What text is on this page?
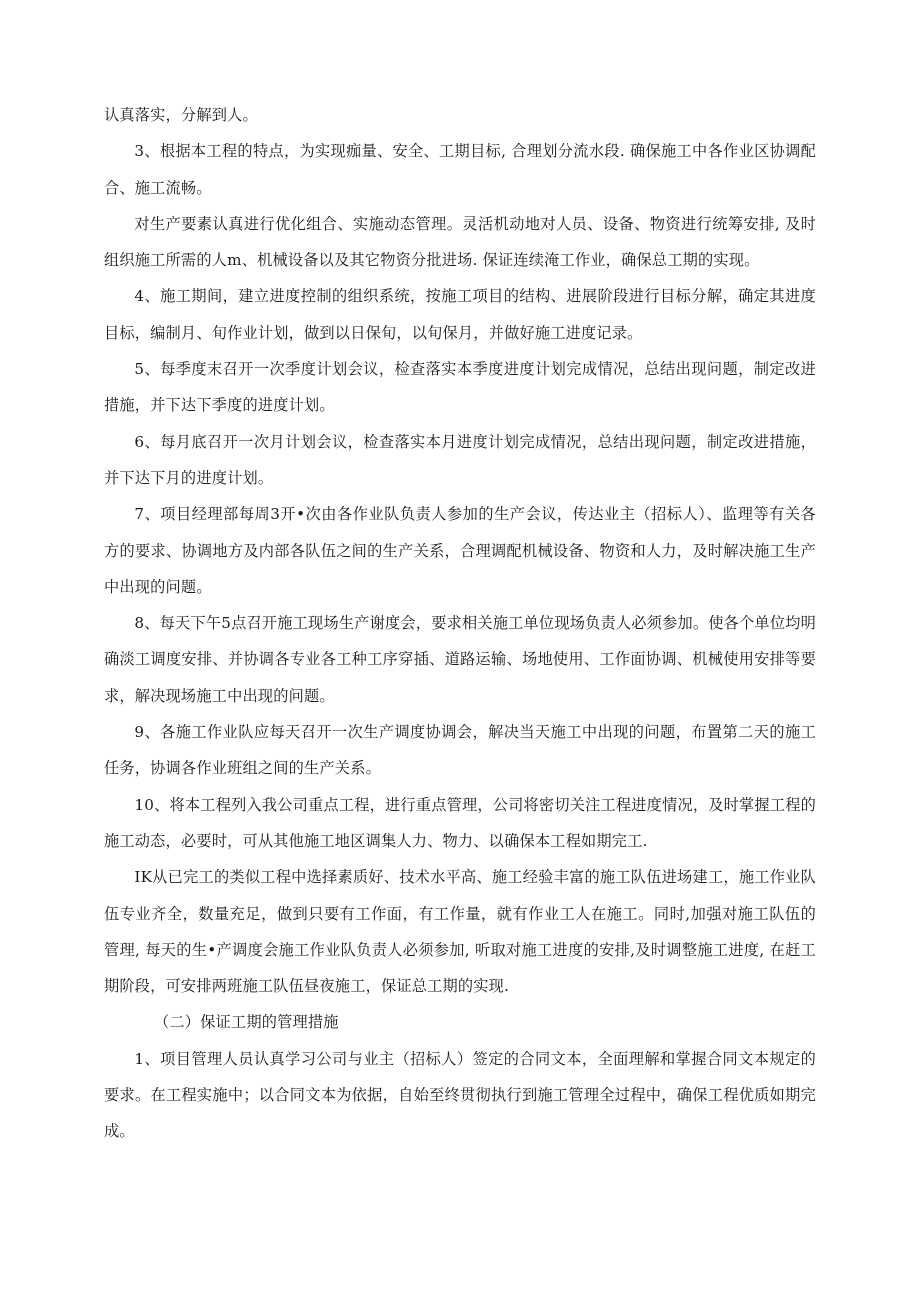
认真落实，分解到人。

3、根据本工程的特点，为实现痂量、安全、工期目标, 合理划分流水段. 确保施工中各作业区协调配合、施工流畅。

对生产要素认真进行优化组合、实施动态管理。灵活机动地对人员、设备、物资进行统筹安排, 及时组织施工所需的人m、机械设备以及其它物资分批进场. 保证连续淹工作业，确保总工期的实现。

4、施工期间，建立进度控制的组织系统，按施工项目的结构、进展阶段进行目标分解，确定其进度目标，编制月、旬作业计划，做到以日保旬，以旬保月，并做好施工进度记录。

5、每季度末召开一次季度计划会议，检查落实本季度进度计划完成情况，总结出现问题，制定改进措施，并下达下季度的进度计划。

6、每月底召开一次月计划会议，检查落实本月进度计划完成情况，总结出现问题，制定改进措施，并下达下月的进度计划。

7、项目经理部每周3开•次由各作业队负责人参加的生产会议，传达业主（招标人）、监理等有关各方的要求、协调地方及内部各队伍之间的生产关系，合理调配机械设备、物资和人力，及时解决施工生产中出现的问题。

8、每天下午5点召开施工现场生产谢度会，要求相关施工单位现场负责人必须参加。使各个单位均明确淡工调度安排、并协调各专业各工种工序穿插、道路运输、场地使用、工作面协调、机械使用安排等要求，解决现场施工中出现的问题。

9、各施工作业队应每天召开一次生产调度协调会，解决当天施工中出现的问题，布置第二天的施工任务，协调各作业班组之间的生产关系。

10、将本工程列入我公司重点工程，进行重点管理，公司将密切关注工程进度情况，及时掌握工程的施工动态，必要时，可从其他施工地区调集人力、物力、以确保本工程如期完工.

IK从已完工的类似工程中选择素质好、技术水平高、施工经验丰富的施工队伍进场建工，施工作业队伍专业齐全，数量充足，做到只要有工作面，有工作量，就有作业工人在施工。同时,加强对施工队伍的管理, 每天的生•产调度会施工作业队负责人必须参加, 听取对施工进度的安排,及时调整施工进度, 在赶工期阶段，可安排两班施工队伍昼夜施工，保证总工期的实现.

（二）保证工期的管理措施

1、项目管理人员认真学习公司与业主（招标人）签定的合同文本，全面理解和掌握合同文本规定的要求。在工程实施中；以合同文本为依据，自始至终贯彻执行到施工管理全过程中，确保工程优质如期完成。
